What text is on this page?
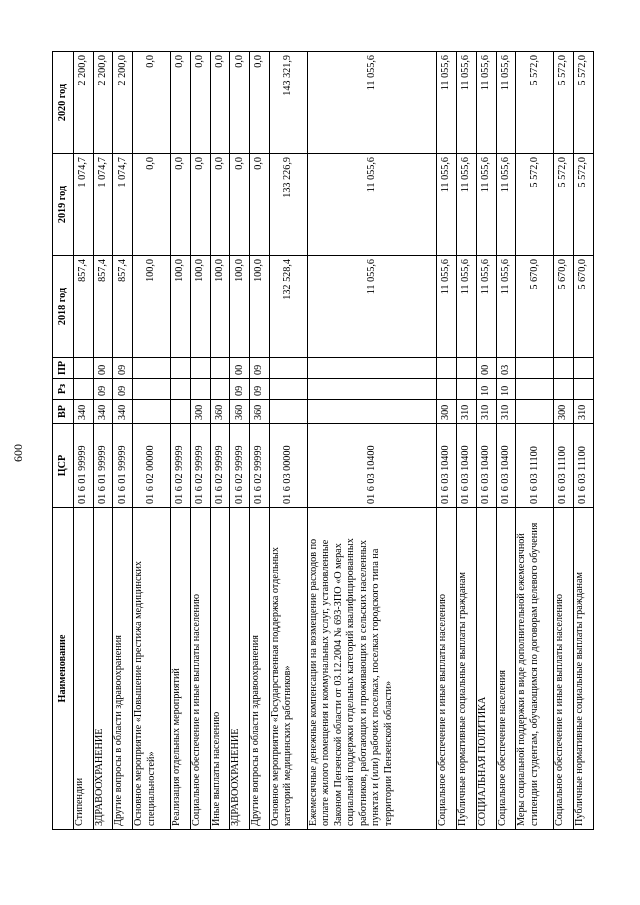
600
Наименование	ЦСР	ВР	Рз	ПР	2018 год	2019 год	2020 год
Стипендии	01 6 01 99999	340			857,4	1 074,7	2 200,0
ЗДРАВООХРАНЕНИЕ	01 6 01 99999	340	09	00	857,4	1 074,7	2 200,0
Другие вопросы в области здравоохранения	01 6 01 99999	340	09	09	857,4	1 074,7	2 200,0
Основное мероприятие «Повышение престижа медицинских специальностей»	01 6 02 00000				100,0	0,0	0,0
Реализация отдельных мероприятий	01 6 02 99999				100,0	0,0	0,0
Социальное обеспечение и иные выплаты населению	01 6 02 99999	300			100,0	0,0	0,0
Иные выплаты населению	01 6 02 99999	360			100,0	0,0	0,0
ЗДРАВООХРАНЕНИЕ	01 6 02 99999	360	09	00	100,0	0,0	0,0
Другие вопросы в области здравоохранения	01 6 02 99999	360	09	09	100,0	0,0	0,0
Основное мероприятие «Государственная поддержка отдельных категорий медицинских работников»	01 6 03 00000				132 528,4	133 226,9	143 321,9
Ежемесячные денежные компенсации на возмещение расходов по оплате жилого помещения и коммунальных услуг, установленные Законом Пензенской области от 03.12.2004 № 693-ЗПО «О мерах социальной поддержки отдельных категорий квалифицированных работников, работающих и проживающих в сельских населенных пунктах и (или) рабочих поселках, поселках городского типа на территории Пензенской области»	01 6 03 10400				11 055,6	11 055,6	11 055,6
Социальное обеспечение и иные выплаты населению	01 6 03 10400	300			11 055,6	11 055,6	11 055,6
Публичные нормативные социальные выплаты гражданам	01 6 03 10400	310			11 055,6	11 055,6	11 055,6
СОЦИАЛЬНАЯ ПОЛИТИКА	01 6 03 10400	310	10	00	11 055,6	11 055,6	11 055,6
Социальное обеспечение населения	01 6 03 10400	310	10	03	11 055,6	11 055,6	11 055,6
Меры социальной поддержки в виде дополнительной ежемесячной стипендии студентам, обучающимся по договорам целевого обучения	01 6 03 11100				5 670,0	5 572,0	5 572,0
Социальное обеспечение и иные выплаты населению	01 6 03 11100	300			5 670,0	5 572,0	5 572,0
Публичные нормативные социальные выплаты гражданам	01 6 03 11100	310			5 670,0	5 572,0	5 572,0
